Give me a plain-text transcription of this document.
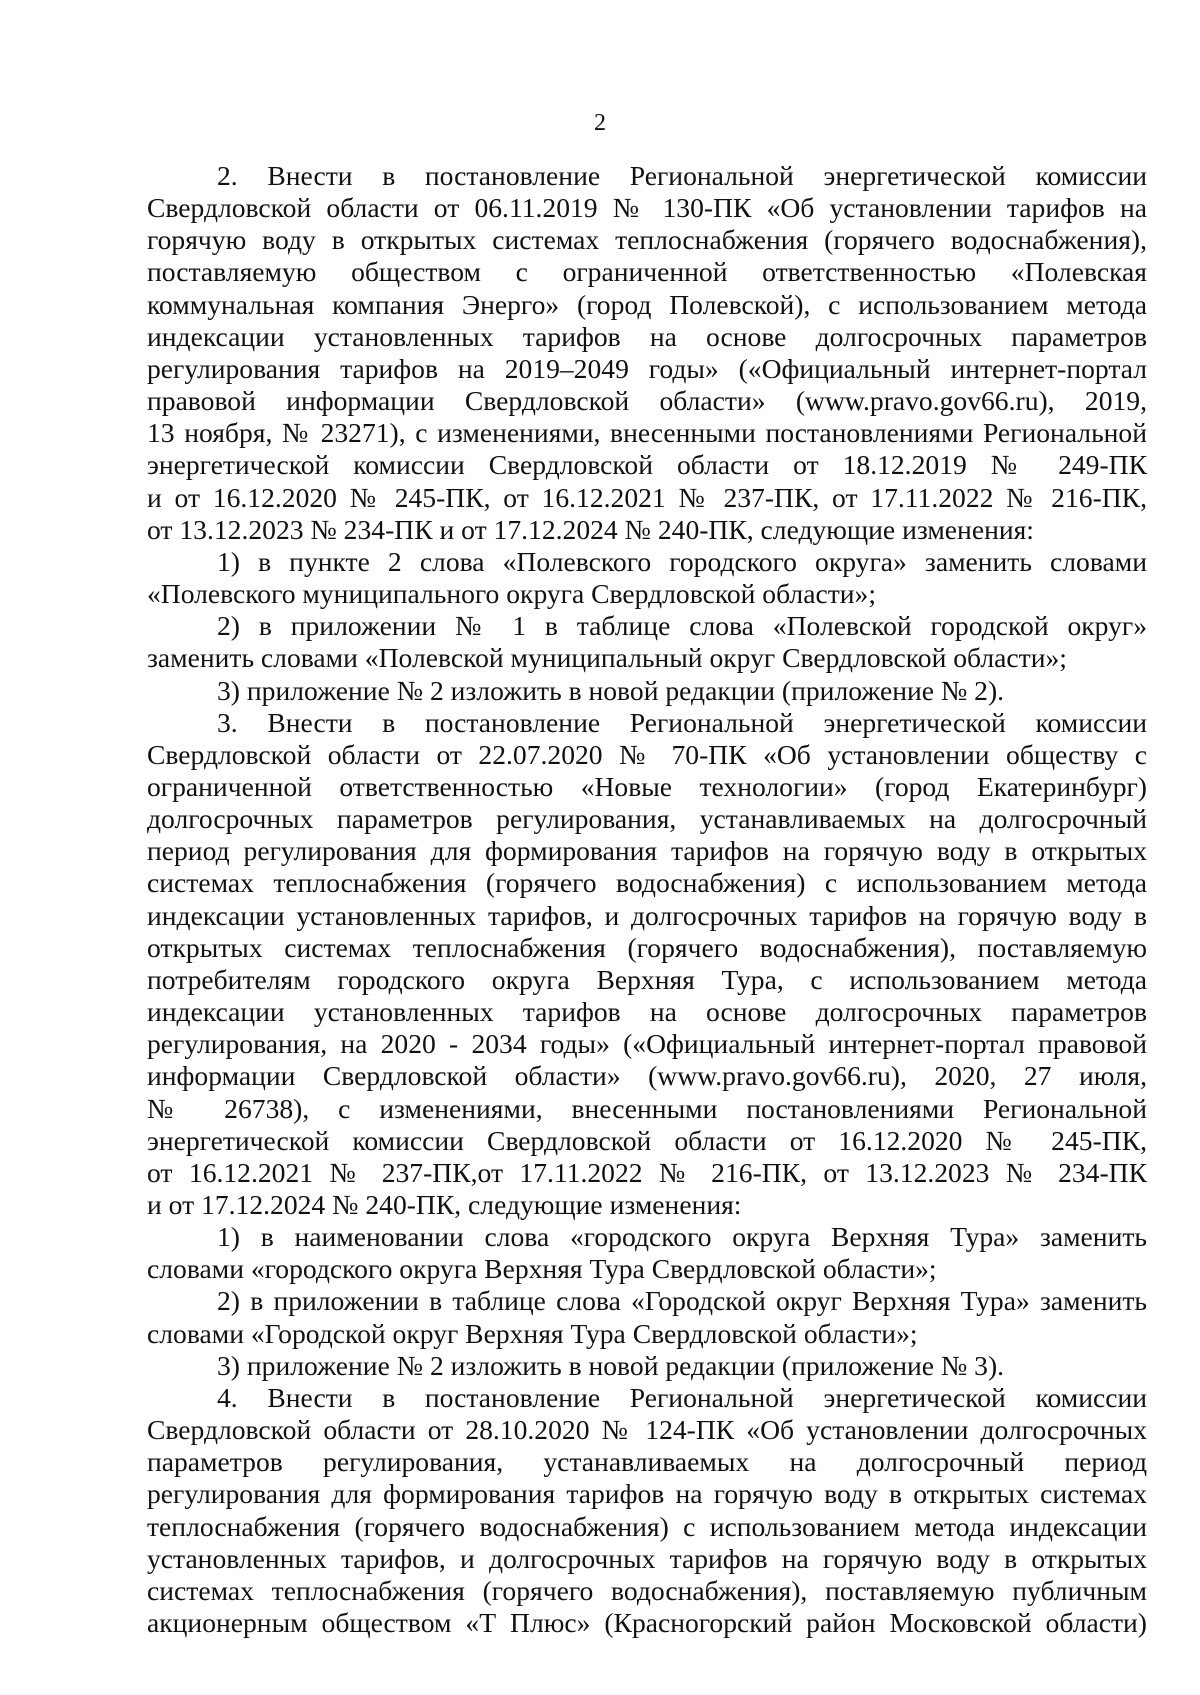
2
2. Внести в постановление Региональной энергетической комиссии
Свердловской области от 06.11.2019 № 130-ПК «Об установлении тарифов на
горячую воду в открытых системах теплоснабжения (горячего водоснабжения),
поставляемую обществом с ограниченной ответственностью «Полевская
коммунальная компания Энерго» (город Полевской), с использованием метода
индексации установленных тарифов на основе долгосрочных параметров
регулирования тарифов на 2019–2049 годы» («Официальный интернет-портал
правовой информации Свердловской области» (www.pravo.gov66.ru), 2019,
13 ноября, № 23271), с изменениями, внесенными постановлениями Региональной
энергетической комиссии Свердловской области от 18.12.2019 № 249-ПК
и от 16.12.2020 № 245-ПК, от 16.12.2021 № 237-ПК, от 17.11.2022 № 216-ПК,
от 13.12.2023 № 234-ПК и от 17.12.2024 № 240-ПК, следующие изменения:
1) в пункте 2 слова «Полевского городского округа» заменить словами
«Полевского муниципального округа Свердловской области»;
2) в приложении № 1 в таблице слова «Полевской городской округ»
заменить словами «Полевской муниципальный округ Свердловской области»;
3) приложение № 2 изложить в новой редакции (приложение № 2).
3. Внести в постановление Региональной энергетической комиссии
Свердловской области от 22.07.2020 № 70-ПК «Об установлении обществу с
ограниченной ответственностью «Новые технологии» (город Екатеринбург)
долгосрочных параметров регулирования, устанавливаемых на долгосрочный
период регулирования для формирования тарифов на горячую воду в открытых
системах теплоснабжения (горячего водоснабжения) с использованием метода
индексации установленных тарифов, и долгосрочных тарифов на горячую воду в
открытых системах теплоснабжения (горячего водоснабжения), поставляемую
потребителям городского округа Верхняя Тура, с использованием метода
индексации установленных тарифов на основе долгосрочных параметров
регулирования, на 2020 - 2034 годы» («Официальный интернет-портал правовой
информации Свердловской области» (www.pravo.gov66.ru), 2020, 27 июля,
№ 26738), с изменениями, внесенными постановлениями Региональной
энергетической комиссии Свердловской области от 16.12.2020 № 245-ПК,
от 16.12.2021 № 237-ПК,от 17.11.2022 № 216-ПК, от 13.12.2023 № 234-ПК
и от 17.12.2024 № 240-ПК, следующие изменения:
1) в наименовании слова «городского округа Верхняя Тура» заменить
словами «городского округа Верхняя Тура Свердловской области»;
2) в приложении в таблице слова «Городской округ Верхняя Тура» заменить
словами «Городской округ Верхняя Тура Свердловской области»;
3) приложение № 2 изложить в новой редакции (приложение № 3).
4. Внести в постановление Региональной энергетической комиссии
Свердловской области от 28.10.2020 № 124-ПК «Об установлении долгосрочных
параметров регулирования, устанавливаемых на долгосрочный период
регулирования для формирования тарифов на горячую воду в открытых системах
теплоснабжения (горячего водоснабжения) с использованием метода индексации
установленных тарифов, и долгосрочных тарифов на горячую воду в открытых
системах теплоснабжения (горячего водоснабжения), поставляемую публичным
акционерным обществом «Т Плюс» (Красногорский район Московской области)
